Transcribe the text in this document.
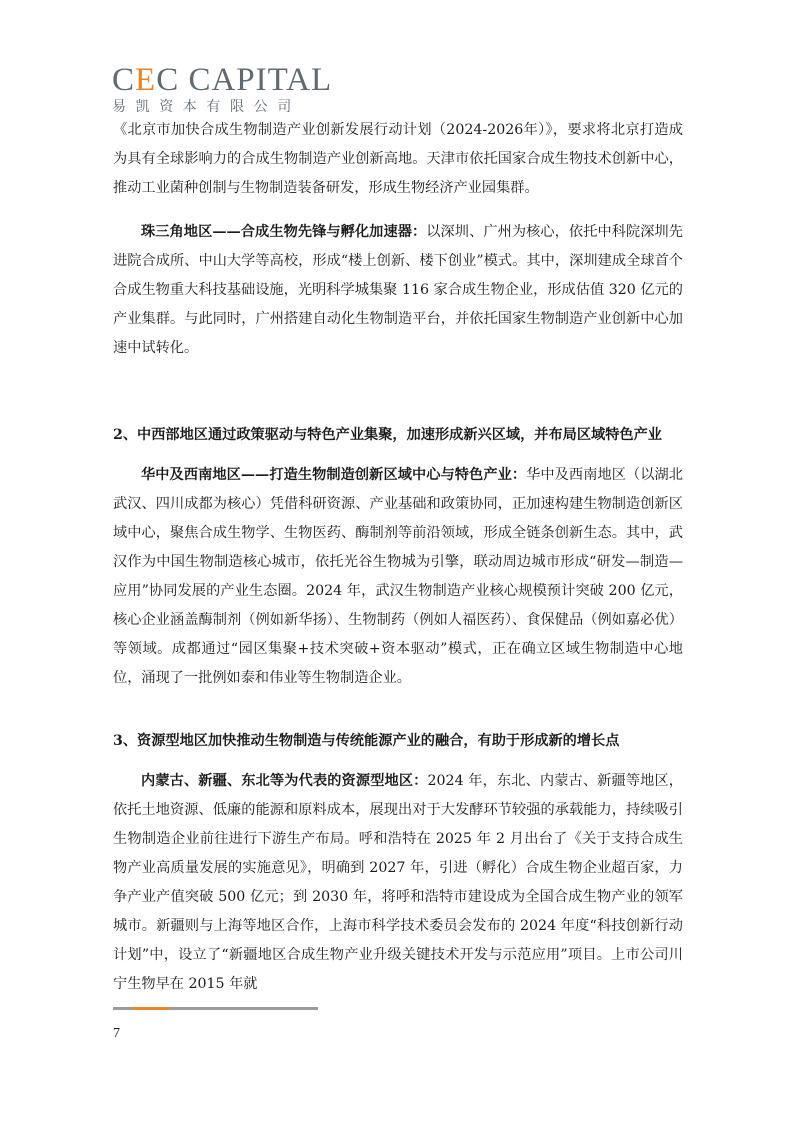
CEC CAPITAL
易凯资本有限公司

《北京市加快合成生物制造产业创新发展行动计划（2024-2026年）》，要求将北京打造成为具有全球影响力的合成生物制造产业创新高地。天津市依托国家合成生物技术创新中心，推动工业菌种创制与生物制造装备研发，形成生物经济产业园集群。

珠三角地区——合成生物先锋与孵化加速器：以深圳、广州为核心，依托中科院深圳先进院合成所、中山大学等高校，形成“楼上创新、楼下创业”模式。其中，深圳建成全球首个合成生物重大科技基础设施，光明科学城集聚 116 家合成生物企业，形成估值 320 亿元的产业集群。与此同时，广州搭建自动化生物制造平台，并依托国家生物制造产业创新中心加速中试转化。

2、中西部地区通过政策驱动与特色产业集聚，加速形成新兴区域，并布局区域特色产业

华中及西南地区——打造生物制造创新区域中心与特色产业：华中及西南地区（以湖北武汉、四川成都为核心）凭借科研资源、产业基础和政策协同，正加速构建生物制造创新区域中心，聚焦合成生物学、生物医药、酶制剂等前沿领域，形成全链条创新生态。其中，武汉作为中国生物制造核心城市，依托光谷生物城为引擎，联动周边城市形成“研发—制造—应用”协同发展的产业生态圈。2024 年，武汉生物制造产业核心规模预计突破 200 亿元，核心企业涵盖酶制剂（例如新华扬）、生物制药（例如人福医药）、食保健品（例如嘉必优）等领域。成都通过“园区集聚+技术突破+资本驱动”模式，正在确立区域生物制造中心地位，涌现了一批例如泰和伟业等生物制造企业。

3、资源型地区加快推动生物制造与传统能源产业的融合，有助于形成新的增长点

内蒙古、新疆、东北等为代表的资源型地区：2024 年，东北、内蒙古、新疆等地区，依托土地资源、低廉的能源和原料成本，展现出对于大发酵环节较强的承载能力，持续吸引生物制造企业前往进行下游生产布局。呼和浩特在 2025 年 2 月出台了《关于支持合成生物产业高质量发展的实施意见》，明确到 2027 年，引进（孵化）合成生物企业超百家，力争产业产值突破 500 亿元；到 2030 年，将呼和浩特市建设成为全国合成生物产业的领军城市。新疆则与上海等地区合作，上海市科学技术委员会发布的 2024 年度“科技创新行动计划”中，设立了“新疆地区合成生物产业升级关键技术开发与示范应用”项目。上市公司川宁生物早在 2015 年就

7
